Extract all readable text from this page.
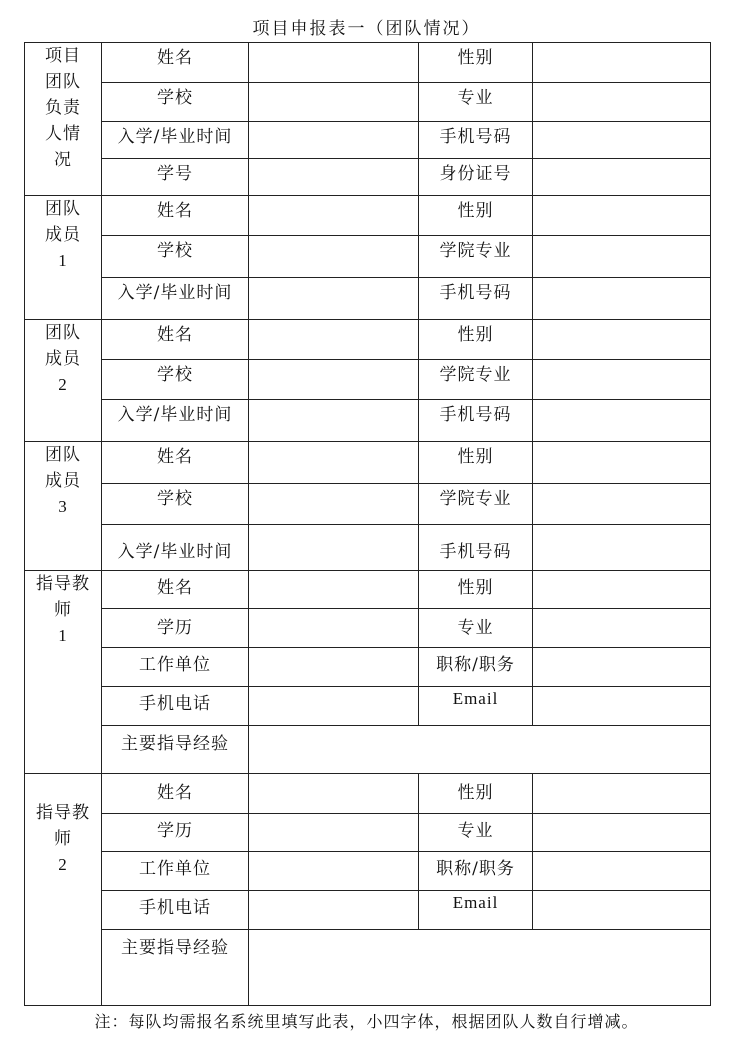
项目申报表一（团队情况）
项目团队负责人情况	姓名		性别	
	学校		专业	
	入学/毕业时间		手机号码	
	学号		身份证号	
团队成员
1	姓名		性别	
	学校		学院专业	
	入学/毕业时间		手机号码	
团队成员
2	姓名		性别	
	学校		学院专业	
	入学/毕业时间		手机号码	
团队成员
3	姓名		性别	
	学校		学院专业	
	入学/毕业时间		手机号码	
指导教师
1	姓名		性别	
	学历		专业	
	工作单位		职称/职务	
	手机电话		Email	
	主要指导经验			
指导教师
2	姓名		性别	
	学历		专业	
	工作单位		职称/职务	
	手机电话		Email	
	主要指导经验			
注：每队均需报名系统里填写此表，小四字体，根据团队人数自行增减。
